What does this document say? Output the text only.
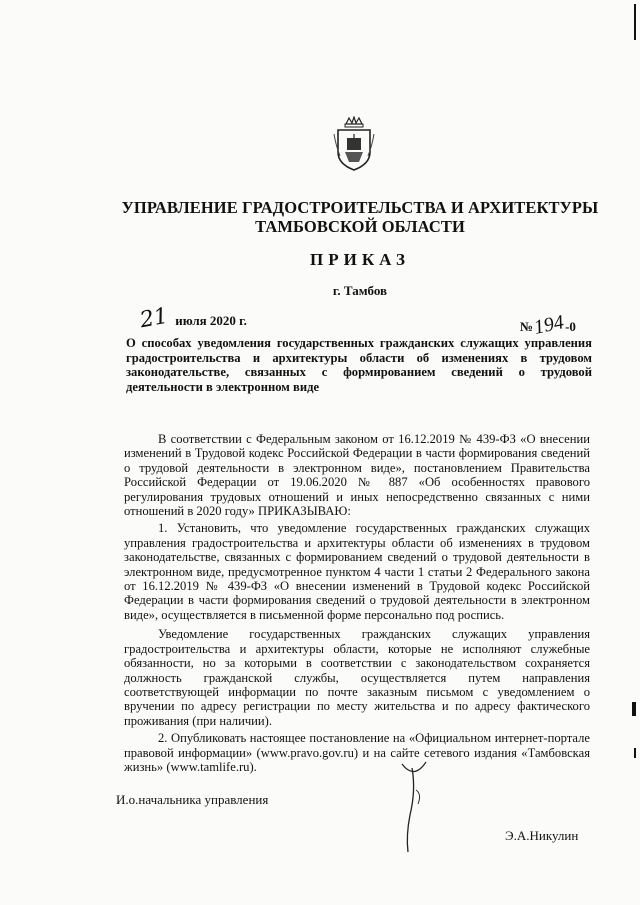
УПРАВЛЕНИЕ ГРАДОСТРОИТЕЛЬСТВА И АРХИТЕКТУРЫ
ТАМБОВСКОЙ ОБЛАСТИ
ПРИКАЗ
г. Тамбов
21 июля 2020 г.	№194-0
О способах уведомления государственных гражданских служащих управления градостроительства и архитектуры области об изменениях в трудовом законодательстве, связанных с формированием сведений о трудовой деятельности в электронном виде

В соответствии с Федеральным законом от 16.12.2019 № 439-ФЗ «О внесении изменений в Трудовой кодекс Российской Федерации в части формирования сведений о трудовой деятельности в электронном виде», постановлением Правительства Российской Федерации от 19.06.2020 № 887 «Об особенностях правового регулирования трудовых отношений и иных непосредственно связанных с ними отношений в 2020 году» ПРИКАЗЫВАЮ:

1. Установить, что уведомление государственных гражданских служащих управления градостроительства и архитектуры области об изменениях в трудовом законодательстве, связанных с формированием сведений о трудовой деятельности в электронном виде, предусмотренное пунктом 4 части 1 статьи 2 Федерального закона от 16.12.2019 № 439-ФЗ «О внесении изменений в Трудовой кодекс Российской Федерации в части формирования сведений о трудовой деятельности в электронном виде», осуществляется в письменной форме персонально под роспись.

Уведомление государственных гражданских служащих управления градостроительства и архитектуры области, которые не исполняют служебные обязанности, но за которыми в соответствии с законодательством сохраняется должность гражданской службы, осуществляется путем направления соответствующей информации по почте заказным письмом с уведомлением о вручении по адресу регистрации по месту жительства и по адресу фактического проживания (при наличии).

2. Опубликовать настоящее постановление на «Официальном интернет-портале правовой информации» (www.pravo.gov.ru) и на сайте сетевого издания «Тамбовская жизнь» (www.tamlife.ru).

И.о.начальника управления
Э.А.Никулин
